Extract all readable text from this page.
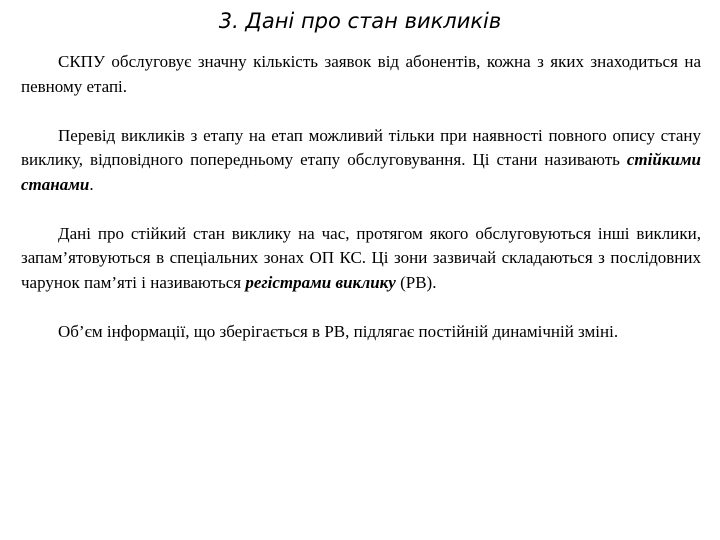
3. Дані про стан викликів

СКПУ обслуговує значну кількість заявок від абонентів, кожна з яких знаходиться на певному етапі.

Перевід викликів з етапу на етап можливий тільки при наявності повного опису стану виклику, відповідного попередньому етапу обслуговування. Ці стани називають стійкими станами.

Дані про стійкий стан виклику на час, протягом якого обслуговуються інші виклики, запам’ятовуються в спеціальних зонах ОП КС. Ці зони зазвичай складаються з послідовних чарунок пам’яті і називаються регістрами виклику (РВ).

Об’єм інформації, що зберігається в РВ, підлягає постійній динамічній зміні.
